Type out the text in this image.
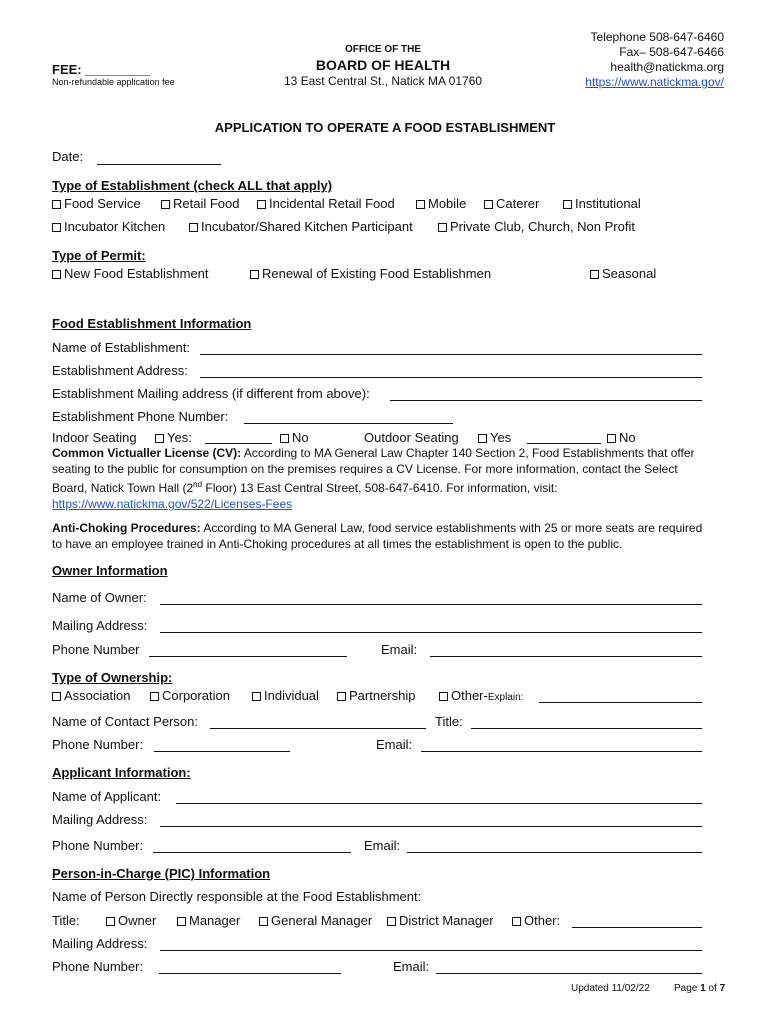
FEE: _________
Non-refundable application fee
OFFICE OF THE
BOARD OF HEALTH
13 East Central St., Natick MA 01760
Telephone 508-647-6460
Fax– 508-647-6466
health@natickma.org
https://www.natickma.gov/
APPLICATION TO OPERATE A FOOD ESTABLISHMENT
Date:
Type of Establishment (check ALL that apply)
Food Service	Retail Food	Incidental Retail Food	Mobile	Caterer	Institutional
Incubator Kitchen	Incubator/Shared Kitchen Participant	Private Club, Church, Non Profit
Type of Permit:
New Food Establishment	Renewal of Existing Food Establishmen	Seasonal
Food Establishment Information
Name of Establishment:
Establishment Address:
Establishment Mailing address (if different from above):
Establishment Phone Number:
Indoor Seating	Yes:	No	Outdoor Seating	Yes	No
Common Victualler License (CV): According to MA General Law Chapter 140 Section 2, Food Establishments that offer seating to the public for consumption on the premises requires a CV License. For more information, contact the Select Board, Natick Town Hall (2nd Floor) 13 East Central Street, 508-647-6410. For information, visit:
https://www.natickma.gov/522/Licenses-Fees
Anti-Choking Procedures: According to MA General Law, food service establishments with 25 or more seats are required to have an employee trained in Anti-Choking procedures at all times the establishment is open to the public.
Owner Information
Name of Owner:
Mailing Address:
Phone Number	Email:
Type of Ownership:
Association	Corporation	Individual	Partnership	Other-Explain:
Name of Contact Person:	Title:
Phone Number:	Email:
Applicant Information:
Name of Applicant:
Mailing Address:
Phone Number:	Email:
Person-in-Charge (PIC) Information
Name of Person Directly responsible at the Food Establishment:
Title:	Owner	Manager	General Manager	District Manager	Other:
Mailing Address:
Phone Number:	Email:
Updated 11/02/22 Page 1 of 7
